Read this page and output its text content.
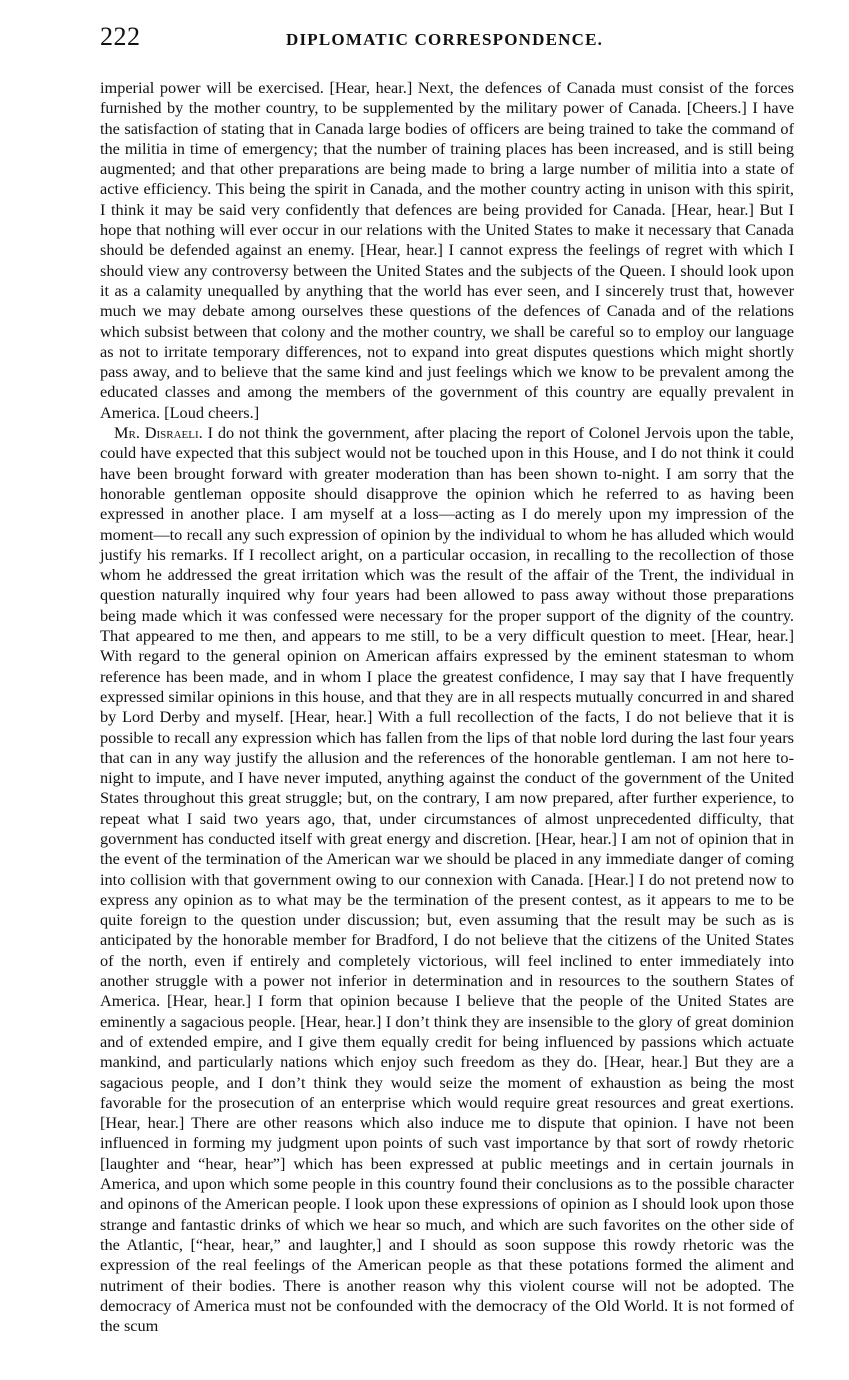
222	DIPLOMATIC CORRESPONDENCE.

imperial power will be exercised. [Hear, hear.] Next, the defences of Canada must consist of the forces furnished by the mother country, to be supplemented by the military power of Canada. [Cheers.] I have the satisfaction of stating that in Canada large bodies of officers are being trained to take the command of the militia in time of emergency; that the number of training places has been increased, and is still being augmented; and that other preparations are being made to bring a large number of militia into a state of active efficiency. This being the spirit in Canada, and the mother country acting in unison with this spirit, I think it may be said very confidently that defences are being provided for Canada. [Hear, hear.] But I hope that nothing will ever occur in our relations with the United States to make it necessary that Canada should be defended against an enemy. [Hear, hear.] I cannot express the feelings of regret with which I should view any controversy between the United States and the subjects of the Queen. I should look upon it as a calamity unequalled by anything that the world has ever seen, and I sincerely trust that, however much we may debate among ourselves these questions of the defences of Canada and of the relations which subsist between that colony and the mother country, we shall be careful so to employ our language as not to irritate temporary differences, not to expand into great disputes questions which might shortly pass away, and to believe that the same kind and just feelings which we know to be prevalent among the educated classes and among the members of the government of this country are equally prevalent in America. [Loud cheers.]

Mr. Disraeli. I do not think the government, after placing the report of Colonel Jervois upon the table, could have expected that this subject would not be touched upon in this House, and I do not think it could have been brought forward with greater moderation than has been shown to-night. I am sorry that the honorable gentleman opposite should disapprove the opinion which he referred to as having been expressed in another place. I am myself at a loss—acting as I do merely upon my impression of the moment—to recall any such expression of opinion by the individual to whom he has alluded which would justify his remarks. If I recollect aright, on a particular occasion, in recalling to the recollection of those whom he addressed the great irritation which was the result of the affair of the Trent, the individual in question naturally inquired why four years had been allowed to pass away without those preparations being made which it was confessed were necessary for the proper support of the dignity of the country. That appeared to me then, and appears to me still, to be a very difficult question to meet. [Hear, hear.] With regard to the general opinion on American affairs expressed by the eminent statesman to whom reference has been made, and in whom I place the greatest confidence, I may say that I have frequently expressed similar opinions in this house, and that they are in all respects mutually concurred in and shared by Lord Derby and myself. [Hear, hear.] With a full recollection of the facts, I do not believe that it is possible to recall any expression which has fallen from the lips of that noble lord during the last four years that can in any way justify the allusion and the references of the honorable gentleman. I am not here to-night to impute, and I have never imputed, anything against the conduct of the government of the United States throughout this great struggle; but, on the contrary, I am now prepared, after further experience, to repeat what I said two years ago, that, under circumstances of almost unprecedented difficulty, that government has conducted itself with great energy and discretion. [Hear, hear.] I am not of opinion that in the event of the termination of the American war we should be placed in any immediate danger of coming into collision with that government owing to our connexion with Canada. [Hear.] I do not pretend now to express any opinion as to what may be the termination of the present contest, as it appears to me to be quite foreign to the question under discussion; but, even assuming that the result may be such as is anticipated by the honorable member for Bradford, I do not believe that the citizens of the United States of the north, even if entirely and completely victorious, will feel inclined to enter immediately into another struggle with a power not inferior in determination and in resources to the southern States of America. [Hear, hear.] I form that opinion because I believe that the people of the United States are eminently a sagacious people. [Hear, hear.] I don’t think they are insensible to the glory of great dominion and of extended empire, and I give them equally credit for being influenced by passions which actuate mankind, and particularly nations which enjoy such freedom as they do. [Hear, hear.] But they are a sagacious people, and I don’t think they would seize the moment of exhaustion as being the most favorable for the prosecution of an enterprise which would require great resources and great exertions. [Hear, hear.] There are other reasons which also induce me to dispute that opinion. I have not been influenced in forming my judgment upon points of such vast importance by that sort of rowdy rhetoric [laughter and “hear, hear”] which has been expressed at public meetings and in certain journals in America, and upon which some people in this country found their conclusions as to the possible character and opinons of the American people. I look upon these expressions of opinion as I should look upon those strange and fantastic drinks of which we hear so much, and which are such favorites on the other side of the Atlantic, [“hear, hear,” and laughter,] and I should as soon suppose this rowdy rhetoric was the expression of the real feelings of the American people as that these potations formed the aliment and nutriment of their bodies. There is another reason why this violent course will not be adopted. The democracy of America must not be confounded with the democracy of the Old World. It is not formed of the scum
